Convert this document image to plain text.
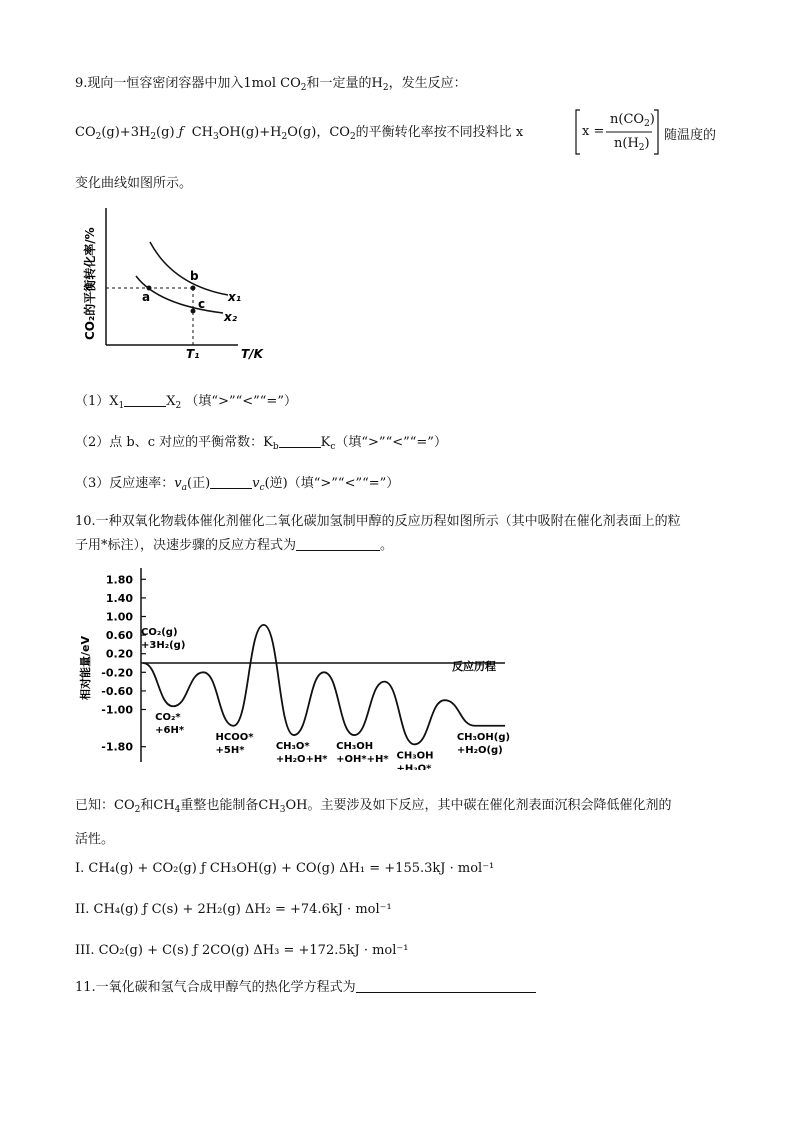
9.现向一恒容密闭容器中加入1mol $CO_2$和一定量的$H_2$，发生反应：
$CO_2(g)+3H_2(g)$ ƒ $CH_3OH(g)+H_2O(g)$，$CO_2$的平衡转化率按不同投料比 x	x =
$n(CO_2)$
$n(H_2)$
随温度的
变化曲线如图所示。
CO₂的平衡转化率/%
T/K
a
b
c x₁
x₂
T₁
$(1)X_1$	$X_2$ （填“>”“<”“=”）
（2）点 b、c 对应的平衡常数：$K_b$	$K_c$（填“>”“<”“=”）
（3）反应速率：$v_a$(正)	$v_c$(逆)（填“>”“<”“=”）
10.一种双氧化物载体催化剂催化二氧化碳加氢制甲醇的反应历程如图所示（其中吸附在催化剂表面上的粒
子用*标注），决速步骤的反应方程式为	。
相对能量/eV	反应历程
1.80
1.40
1.00
0.60
0.20
-0.20
-0.60
-1.00
-1.80
CO₂(g)
+3H₂(g)
CO₂*
+6H*
HCOO*
+5H*	CH₃O*
+H₂O+H*
CH₃OH
+OH*+H* CH₃OH
+H₂O*
CH₃OH(g)
+H₂O(g)
已知：$CO_2$和$CH_4$重整也能制备$CH_3OH$。主要涉及如下反应，其中碳在催化剂表面沉积会降低催化剂的
活性。
I. CH₄(g) + CO₂(g) ƒ CH₃OH(g) + CO(g) ΔH₁ = +155.3kJ · mol⁻¹
II. CH₄(g) ƒ C(s) + 2H₂(g) ΔH₂ = +74.6kJ · mol⁻¹
III. CO₂(g) + C(s) ƒ 2CO(g) ΔH₃ = +172.5kJ · mol⁻¹
11.一氧化碳和氢气合成甲醇气的热化学方程式为
